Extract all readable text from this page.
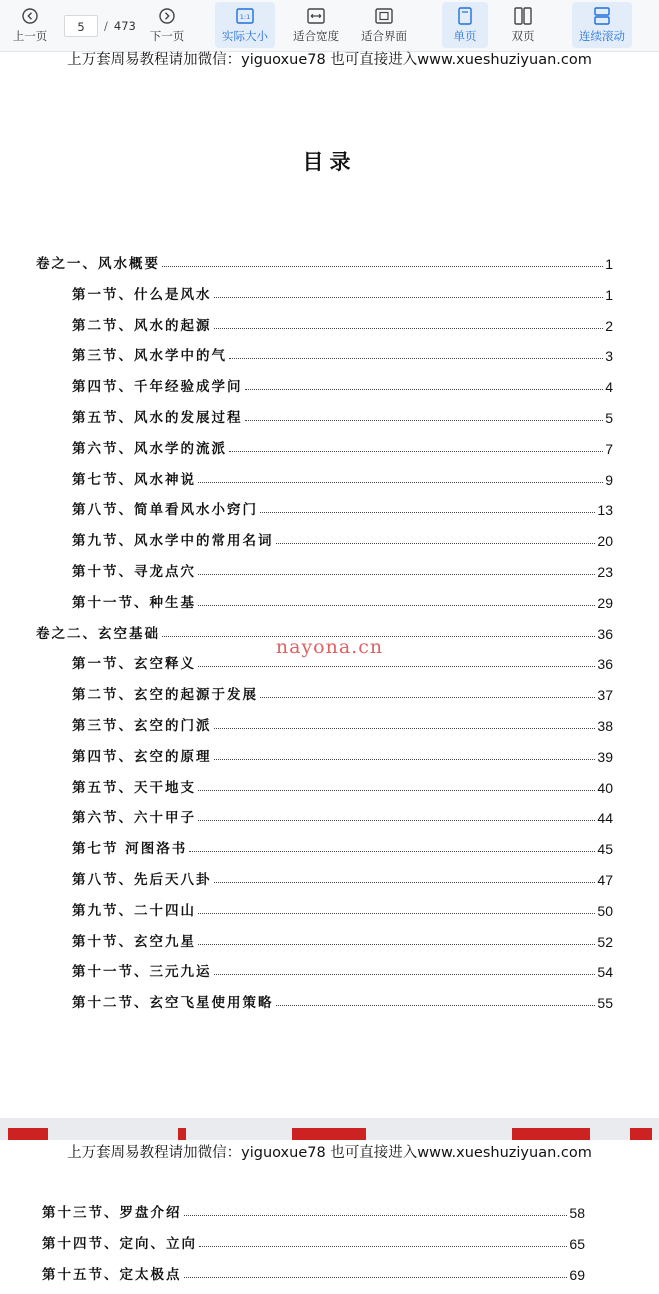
上一页
5	/ 473
下一页
1:1
实际大小 适合宽度 适合界面	单页	双页	连续滚动
上万套周易教程请加微信：yiguoxue78 也可直接进入www.xueshuziyuan.com
目录
卷之一、风水概要	1
第一节、什么是风水	1
第二节、风水的起源	2
第三节、风水学中的气	3
第四节、千年经验成学问	4
第五节、风水的发展过程	5
第六节、风水学的流派	7
第七节、风水神说	9
第八节、简单看风水小窍门	13
第九节、风水学中的常用名词	20
第十节、寻龙点穴	23
第十一节、种生基	29
卷之二、玄空基础	36
第一节、玄空释义	36
第二节、玄空的起源于发展	37
第三节、玄空的门派	38
第四节、玄空的原理	39
第五节、天干地支	40
第六节、六十甲子	44
第七节 河图洛书	45
第八节、先后天八卦	47
第九节、二十四山	50
第十节、玄空九星	52
第十一节、三元九运	54
第十二节、玄空飞星使用策略	55
nayona.cn
上万套周易教程请加微信：yiguoxue78 也可直接进入www.xueshuziyuan.com
第十三节、罗盘介绍	58
第十四节、定向、立向	65
第十五节、定太极点	69
